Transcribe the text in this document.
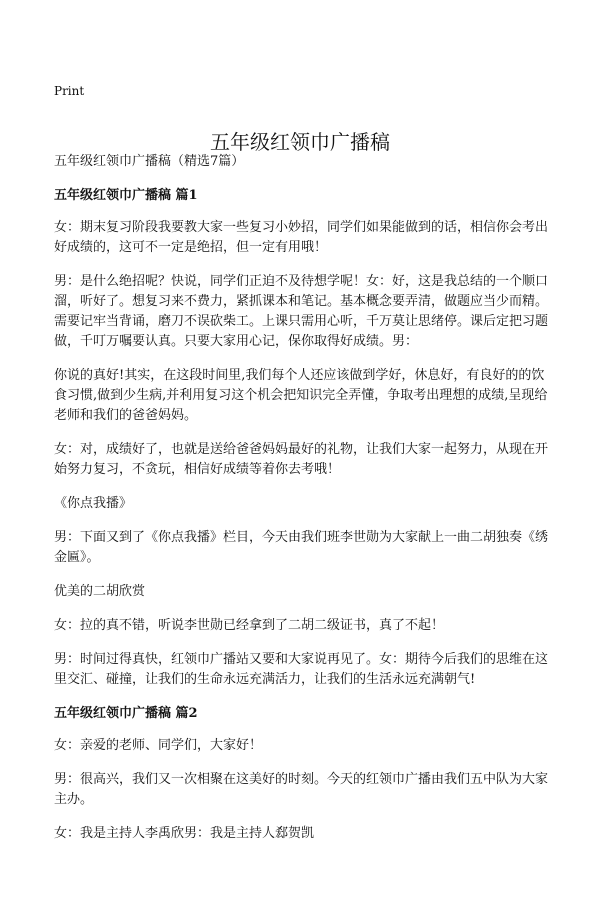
Print
五年级红领巾广播稿

五年级红领巾广播稿（精选7篇）

五年级红领巾广播稿 篇1

女：期末复习阶段我要教大家一些复习小妙招，同学们如果能做到的话，相信你会考出好成绩的，这可不一定是绝招，但一定有用哦！

男：是什么绝招呢？快说，同学们正迫不及待想学呢！女：好，这是我总结的一个顺口溜，听好了。想复习来不费力，紧抓课本和笔记。基本概念要弄清，做题应当少而精。需要记牢当背诵，磨刀不误砍柴工。上课只需用心听，千万莫让思绪停。课后定把习题做，千叮万嘱要认真。只要大家用心记，保你取得好成绩。男：

你说的真好!其实，在这段时间里,我们每个人还应该做到学好，休息好，有良好的的饮食习惯,做到少生病,并利用复习这个机会把知识完全弄懂，争取考出理想的成绩,呈现给老师和我们的爸爸妈妈。

女：对，成绩好了，也就是送给爸爸妈妈最好的礼物，让我们大家一起努力，从现在开始努力复习，不贪玩，相信好成绩等着你去考哦！

《你点我播》

男：下面又到了《你点我播》栏目，今天由我们班李世勋为大家献上一曲二胡独奏《绣金匾》。

优美的二胡欣赏

女：拉的真不错，听说李世勋已经拿到了二胡二级证书，真了不起！

男：时间过得真快，红领巾广播站又要和大家说再见了。女：期待今后我们的思维在这里交汇、碰撞，让我们的生命永远充满活力，让我们的生活永远充满朝气!

五年级红领巾广播稿 篇2

女：亲爱的老师、同学们，大家好！

男：很高兴，我们又一次相聚在这美好的时刻。今天的红领巾广播由我们五中队为大家主办。

女：我是主持人李禹欣男：我是主持人郄贺凯
